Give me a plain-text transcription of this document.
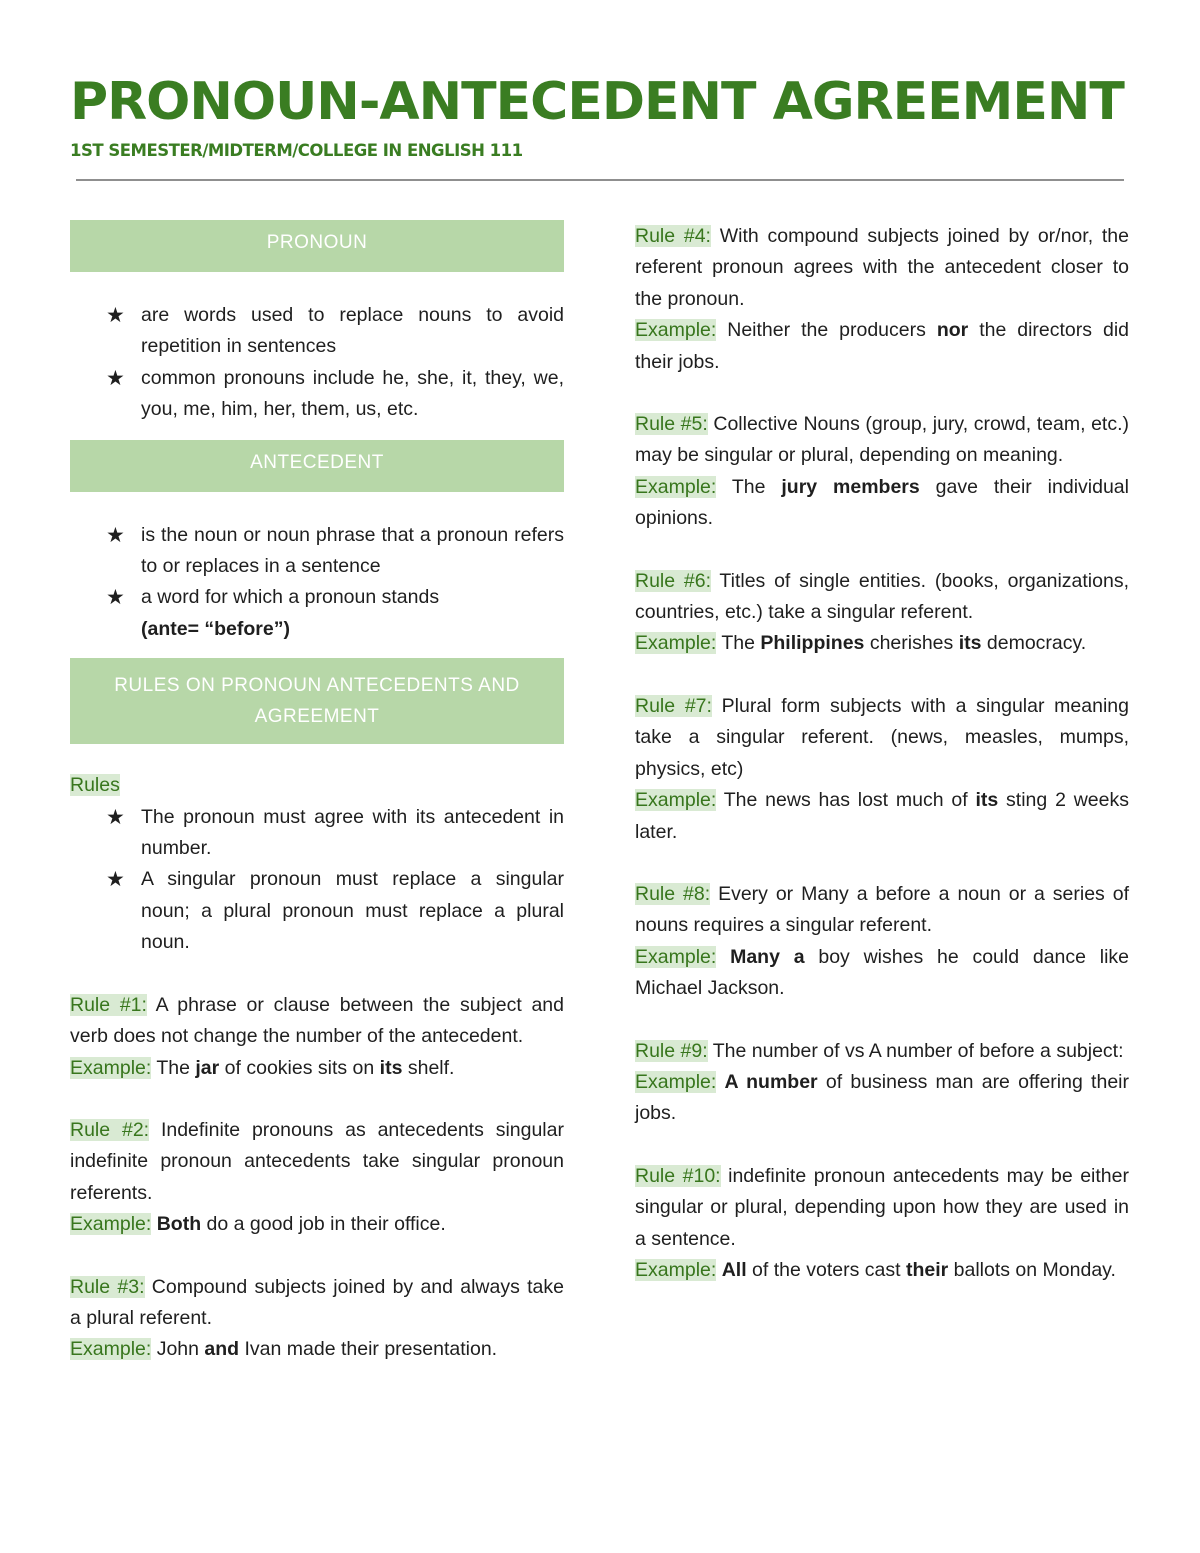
PRONOUN-ANTECEDENT AGREEMENT
1ST SEMESTER/MIDTERM/COLLEGE IN ENGLISH 111
PRONOUN
★ are words used to replace nouns to avoid repetition in sentences
★ common pronouns include he, she, it, they, we, you, me, him, her, them, us, etc.
ANTECEDENT
★ is the noun or noun phrase that a pronoun refers to or replaces in a sentence
★ a word for which a pronoun stands
(ante= “before”)
RULES ON PRONOUN ANTECEDENTS AND AGREEMENT
Rules
★ The pronoun must agree with its antecedent in number.
★ A singular pronoun must replace a singular noun; a plural pronoun must replace a plural noun.
Rule #1: A phrase or clause between the subject and verb does not change the number of the antecedent.
Example: The jar of cookies sits on its shelf.
Rule #2: Indefinite pronouns as antecedents singular indefinite pronoun antecedents take singular pronoun referents.
Example: Both do a good job in their office.
Rule #3: Compound subjects joined by and always take a plural referent.
Example: John and Ivan made their presentation.
Rule #4: With compound subjects joined by or/nor, the referent pronoun agrees with the antecedent closer to the pronoun.
Example: Neither the producers nor the directors did their jobs.
Rule #5: Collective Nouns (group, jury, crowd, team, etc.) may be singular or plural, depending on meaning.
Example: The jury members gave their individual opinions.
Rule #6: Titles of single entities. (books, organizations, countries, etc.) take a singular referent.
Example: The Philippines cherishes its democracy.
Rule #7: Plural form subjects with a singular meaning take a singular referent. (news, measles, mumps, physics, etc)
Example: The news has lost much of its sting 2 weeks later.
Rule #8: Every or Many a before a noun or a series of nouns requires a singular referent.
Example: Many a boy wishes he could dance like Michael Jackson.
Rule #9: The number of vs A number of before a subject:
Example: A number of business man are offering their jobs.
Rule #10: indefinite pronoun antecedents may be either singular or plural, depending upon how they are used in a sentence.
Example: All of the voters cast their ballots on Monday.
